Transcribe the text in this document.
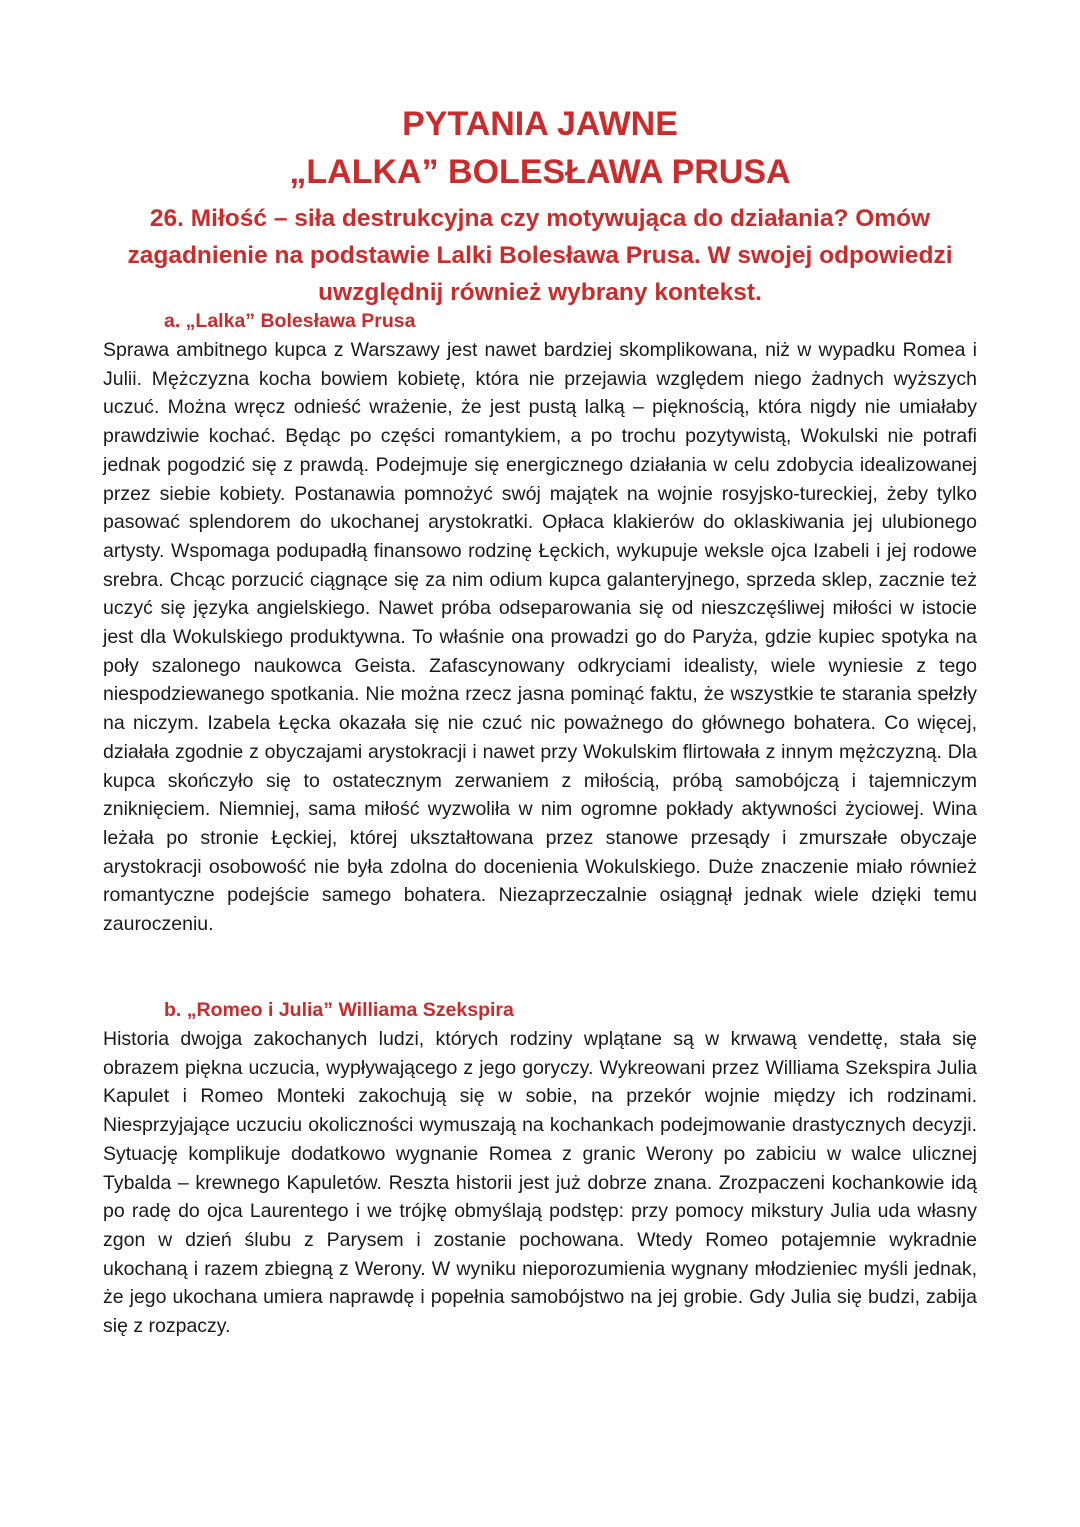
PYTANIA JAWNE
„LALKA” BOLESŁAWA PRUSA

26. Miłość – siła destrukcyjna czy motywująca do działania? Omów zagadnienie na podstawie Lalki Bolesława Prusa. W swojej odpowiedzi uwzględnij również wybrany kontekst.

a. „Lalka” Bolesława Prusa

Sprawa ambitnego kupca z Warszawy jest nawet bardziej skomplikowana, niż w wypadku Romea i Julii. Mężczyzna kocha bowiem kobietę, która nie przejawia względem niego żadnych wyższych uczuć. Można wręcz odnieść wrażenie, że jest pustą lalką – pięknością, która nigdy nie umiałaby prawdziwie kochać. Będąc po części romantykiem, a po trochu pozytywistą, Wokulski nie potrafi jednak pogodzić się z prawdą. Podejmuje się energicznego działania w celu zdobycia idealizowanej przez siebie kobiety. Postanawia pomnożyć swój majątek na wojnie rosyjsko-tureckiej, żeby tylko pasować splendorem do ukochanej arystokratki. Opłaca klakierów do oklaskiwania jej ulubionego artysty. Wspomaga podupadłą finansowo rodzinę Łęckich, wykupuje weksle ojca Izabeli i jej rodowe srebra. Chcąc porzucić ciągnące się za nim odium kupca galanteryjnego, sprzeda sklep, zacznie też uczyć się języka angielskiego. Nawet próba odseparowania się od nieszczęśliwej miłości w istocie jest dla Wokulskiego produktywna. To właśnie ona prowadzi go do Paryża, gdzie kupiec spotyka na poły szalonego naukowca Geista. Zafascynowany odkryciami idealisty, wiele wyniesie z tego niespodziewanego spotkania. Nie można rzecz jasna pominąć faktu, że wszystkie te starania spełzły na niczym. Izabela Łęcka okazała się nie czuć nic poważnego do głównego bohatera. Co więcej, działała zgodnie z obyczajami arystokracji i nawet przy Wokulskim flirtowała z innym mężczyzną. Dla kupca skończyło się to ostatecznym zerwaniem z miłością, próbą samobójczą i tajemniczym zniknięciem. Niemniej, sama miłość wyzwoliła w nim ogromne pokłady aktywności życiowej. Wina leżała po stronie Łęckiej, której ukształtowana przez stanowe przesądy i zmurszałe obyczaje arystokracji osobowość nie była zdolna do docenienia Wokulskiego. Duże znaczenie miało również romantyczne podejście samego bohatera. Niezaprzeczalnie osiągnął jednak wiele dzięki temu zauroczeniu.

b. „Romeo i Julia” Williama Szekspira

Historia dwojga zakochanych ludzi, których rodziny wplątane są w krwawą vendettę, stała się obrazem piękna uczucia, wypływającego z jego goryczy. Wykreowani przez Williama Szekspira Julia Kapulet i Romeo Monteki zakochują się w sobie, na przekór wojnie między ich rodzinami. Niesprzyjające uczuciu okoliczności wymuszają na kochankach podejmowanie drastycznych decyzji. Sytuację komplikuje dodatkowo wygnanie Romea z granic Werony po zabiciu w walce ulicznej Tybalda – krewnego Kapuletów. Reszta historii jest już dobrze znana. Zrozpaczeni kochankowie idą po radę do ojca Laurentego i we trójkę obmyślają podstęp: przy pomocy mikstury Julia uda własny zgon w dzień ślubu z Parysem i zostanie pochowana. Wtedy Romeo potajemnie wykradnie ukochaną i razem zbiegną z Werony. W wyniku nieporozumienia wygnany młodzieniec myśli jednak, że jego ukochana umiera naprawdę i popełnia samobójstwo na jej grobie. Gdy Julia się budzi, zabija się z rozpaczy.
